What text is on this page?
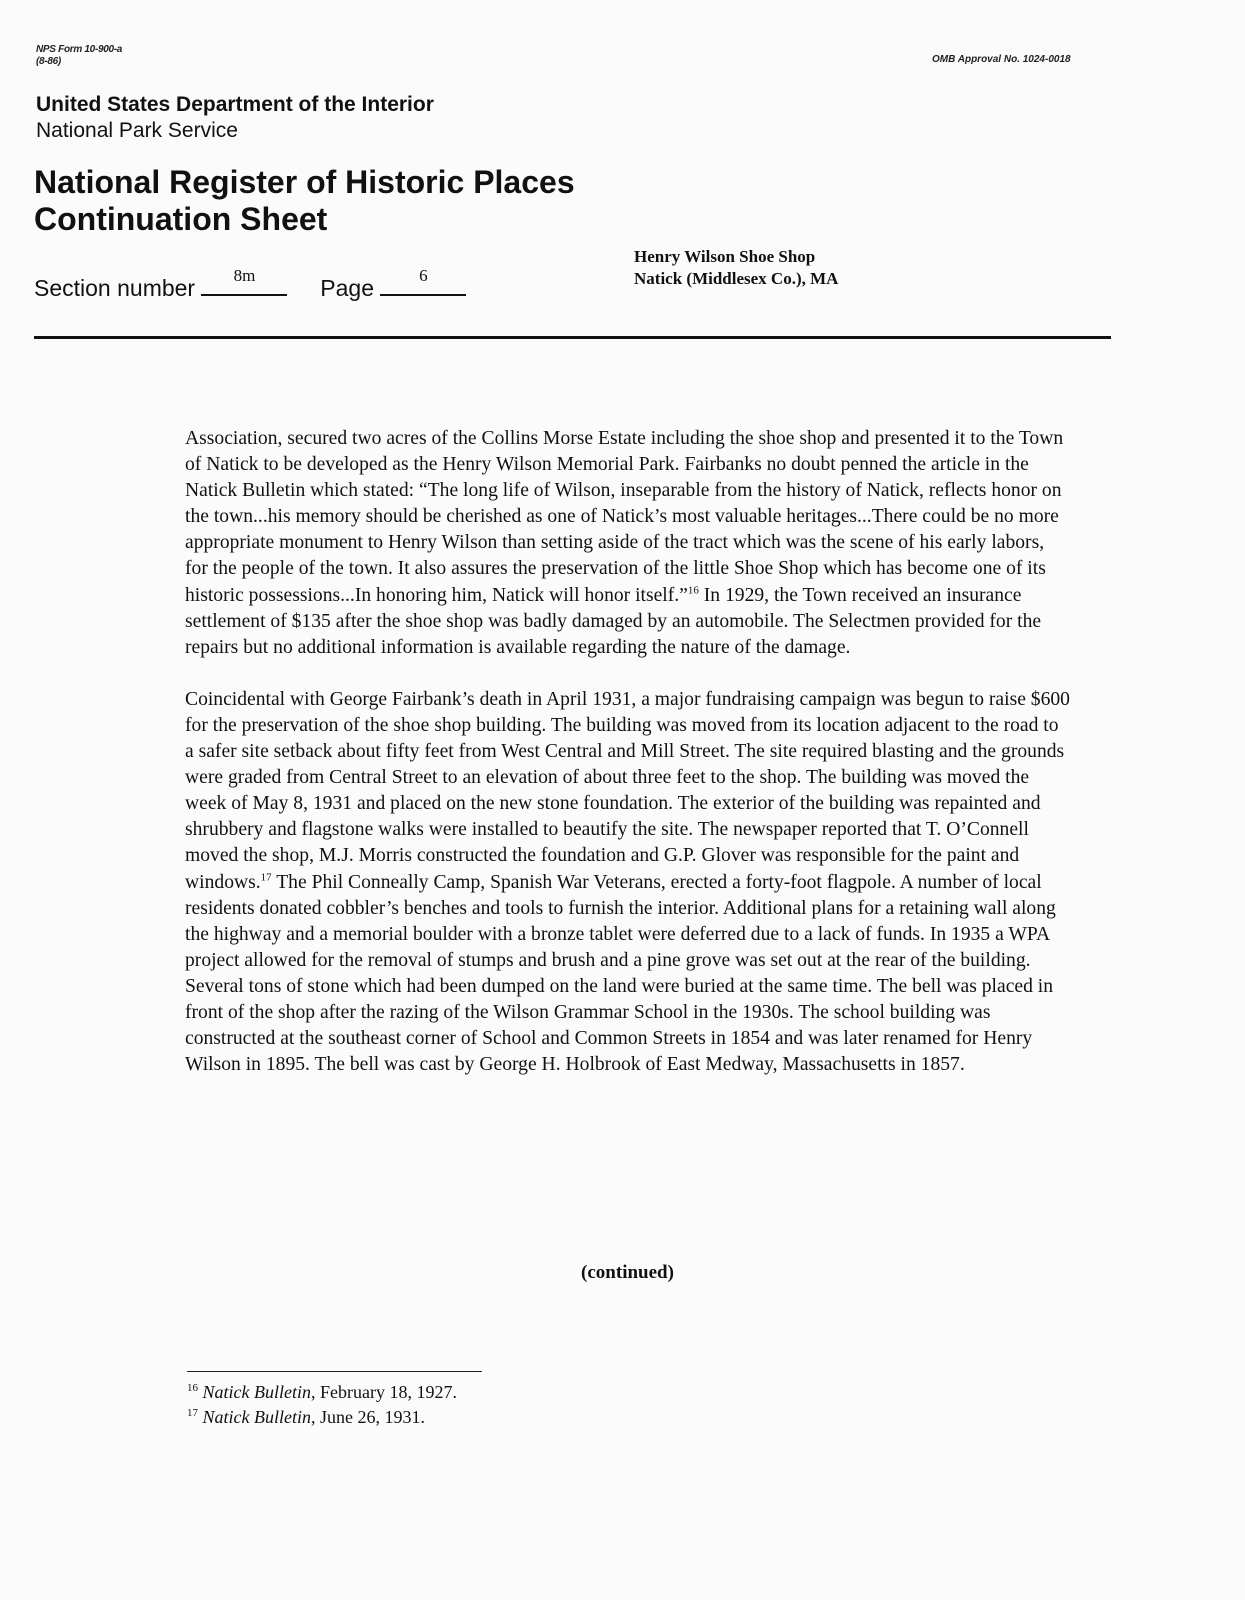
NPS Form 10-900-a
(8-86)	OMB Approval No. 1024-0018
United States Department of the Interior
National Park Service
National Register of Historic Places
Continuation Sheet
Henry Wilson Shoe Shop
Natick (Middlesex Co.), MA
Section number	8m	Page	6

Association, secured two acres of the Collins Morse Estate including the shoe shop and presented it to the Town of Natick to be developed as the Henry Wilson Memorial Park. Fairbanks no doubt penned the article in the Natick Bulletin which stated: “The long life of Wilson, inseparable from the history of Natick, reflects honor on the town...his memory should be cherished as one of Natick’s most valuable heritages...There could be no more appropriate monument to Henry Wilson than setting aside of the tract which was the scene of his early labors, for the people of the town. It also assures the preservation of the little Shoe Shop which has become one of its historic possessions...In honoring him, Natick will honor itself.”$^{16}$ In 1929, the Town received an insurance settlement of $135 after the shoe shop was badly damaged by an automobile. The Selectmen provided for the repairs but no additional information is available regarding the nature of the damage.

Coincidental with George Fairbank’s death in April 1931, a major fundraising campaign was begun to raise $600 for the preservation of the shoe shop building. The building was moved from its location adjacent to the road to a safer site setback about fifty feet from West Central and Mill Street. The site required blasting and the grounds were graded from Central Street to an elevation of about three feet to the shop. The building was moved the week of May 8, 1931 and placed on the new stone foundation. The exterior of the building was repainted and shrubbery and flagstone walks were installed to beautify the site. The newspaper reported that T. O’Connell moved the shop, M.J. Morris constructed the foundation and G.P. Glover was responsible for the paint and windows.$^{17}$ The Phil Conneally Camp, Spanish War Veterans, erected a forty-foot flagpole. A number of local residents donated cobbler’s benches and tools to furnish the interior. Additional plans for a retaining wall along the highway and a memorial boulder with a bronze tablet were deferred due to a lack of funds. In 1935 a WPA project allowed for the removal of stumps and brush and a pine grove was set out at the rear of the building. Several tons of stone which had been dumped on the land were buried at the same time. The bell was placed in front of the shop after the razing of the Wilson Grammar School in the 1930s. The school building was constructed at the southeast corner of School and Common Streets in 1854 and was later renamed for Henry Wilson in 1895. The bell was cast by George H. Holbrook of East Medway, Massachusetts in 1857.

(continued)
$^{16}$ Natick Bulletin, February 18, 1927.
$^{17}$ Natick Bulletin, June 26, 1931.
